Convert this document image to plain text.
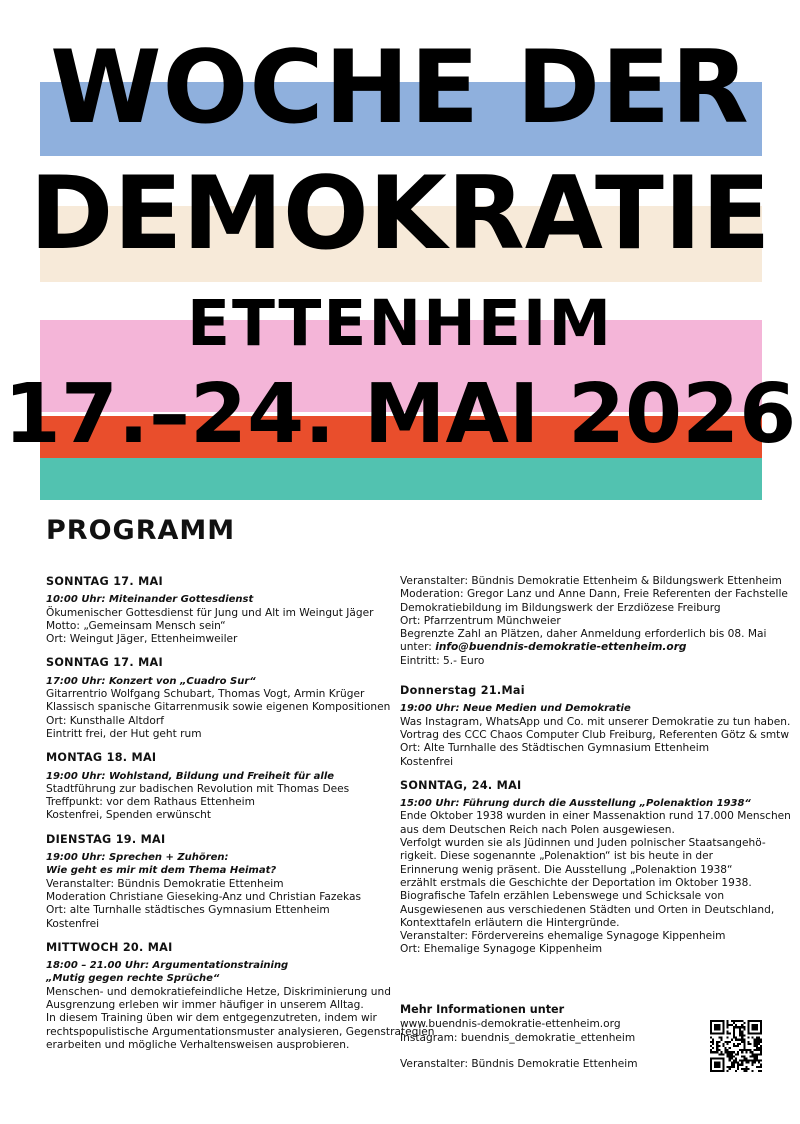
WOCHE DER
DEMOKRATIE
ETTENHEIM
17.–24. MAI 2026
PROGRAMM
SONNTAG 17. MAI
10:00 Uhr: Miteinander Gottesdienst
Ökumenischer Gottesdienst für Jung und Alt im Weingut Jäger
Motto: „Gemeinsam Mensch sein“
Ort: Weingut Jäger, Ettenheimweiler
SONNTAG 17. MAI
17:00 Uhr: Konzert von „Cuadro Sur“
Gitarrentrio Wolfgang Schubart, Thomas Vogt, Armin Krüger
Klassisch spanische Gitarrenmusik sowie eigenen Kompositionen
Ort: Kunsthalle Altdorf
Eintritt frei, der Hut geht rum
MONTAG 18. MAI
19:00 Uhr: Wohlstand, Bildung und Freiheit für alle
Stadtführung zur badischen Revolution mit Thomas Dees
Treffpunkt: vor dem Rathaus Ettenheim
Kostenfrei, Spenden erwünscht
DIENSTAG 19. MAI
19:00 Uhr: Sprechen + Zuhören:
Wie geht es mir mit dem Thema Heimat?
Veranstalter: Bündnis Demokratie Ettenheim
Moderation Christiane Gieseking-Anz und Christian Fazekas
Ort: alte Turnhalle städtisches Gymnasium Ettenheim
Kostenfrei
MITTWOCH 20. MAI
18:00 – 21.00 Uhr: Argumentationstraining
„Mutig gegen rechte Sprüche“
Menschen- und demokratiefeindliche Hetze, Diskriminierung und
Ausgrenzung erleben wir immer häufiger in unserem Alltag.
In diesem Training üben wir dem entgegenzutreten, indem wir
rechtspopulistische Argumentationsmuster analysieren, Gegenstrategien
erarbeiten und mögliche Verhaltensweisen ausprobieren.
Veranstalter: Bündnis Demokratie Ettenheim & Bildungswerk Ettenheim
Moderation: Gregor Lanz und Anne Dann, Freie Referenten der Fachstelle
Demokratiebildung im Bildungswerk der Erzdiözese Freiburg
Ort: Pfarrzentrum Münchweier
Begrenzte Zahl an Plätzen, daher Anmeldung erforderlich bis 08. Mai
unter: info@buendnis-demokratie-ettenheim.org
Eintritt: 5.- Euro
Donnerstag 21.Mai
19:00 Uhr: Neue Medien und Demokratie
Was Instagram, WhatsApp und Co. mit unserer Demokratie zu tun haben.
Vortrag des CCC Chaos Computer Club Freiburg, Referenten Götz & smtw
Ort: Alte Turnhalle des Städtischen Gymnasium Ettenheim
Kostenfrei
SONNTAG, 24. MAI
15:00 Uhr: Führung durch die Ausstellung „Polenaktion 1938“
Ende Oktober 1938 wurden in einer Massenaktion rund 17.000 Menschen
aus dem Deutschen Reich nach Polen ausgewiesen.
Verfolgt wurden sie als Jüdinnen und Juden polnischer Staatsangehö-
rigkeit. Diese sogenannte „Polenaktion“ ist bis heute in der
Erinnerung wenig präsent. Die Ausstellung „Polenaktion 1938“
erzählt erstmals die Geschichte der Deportation im Oktober 1938.
Biografische Tafeln erzählen Lebenswege und Schicksale von
Ausgewiesenen aus verschiedenen Städten und Orten in Deutschland,
Kontexttafeln erläutern die Hintergründe.
Veranstalter: Fördervereins ehemalige Synagoge Kippenheim
Ort: Ehemalige Synagoge Kippenheim
Mehr Informationen unter
www.buendnis-demokratie-ettenheim.org
Instagram: buendnis_demokratie_ettenheim
Veranstalter: Bündnis Demokratie Ettenheim
